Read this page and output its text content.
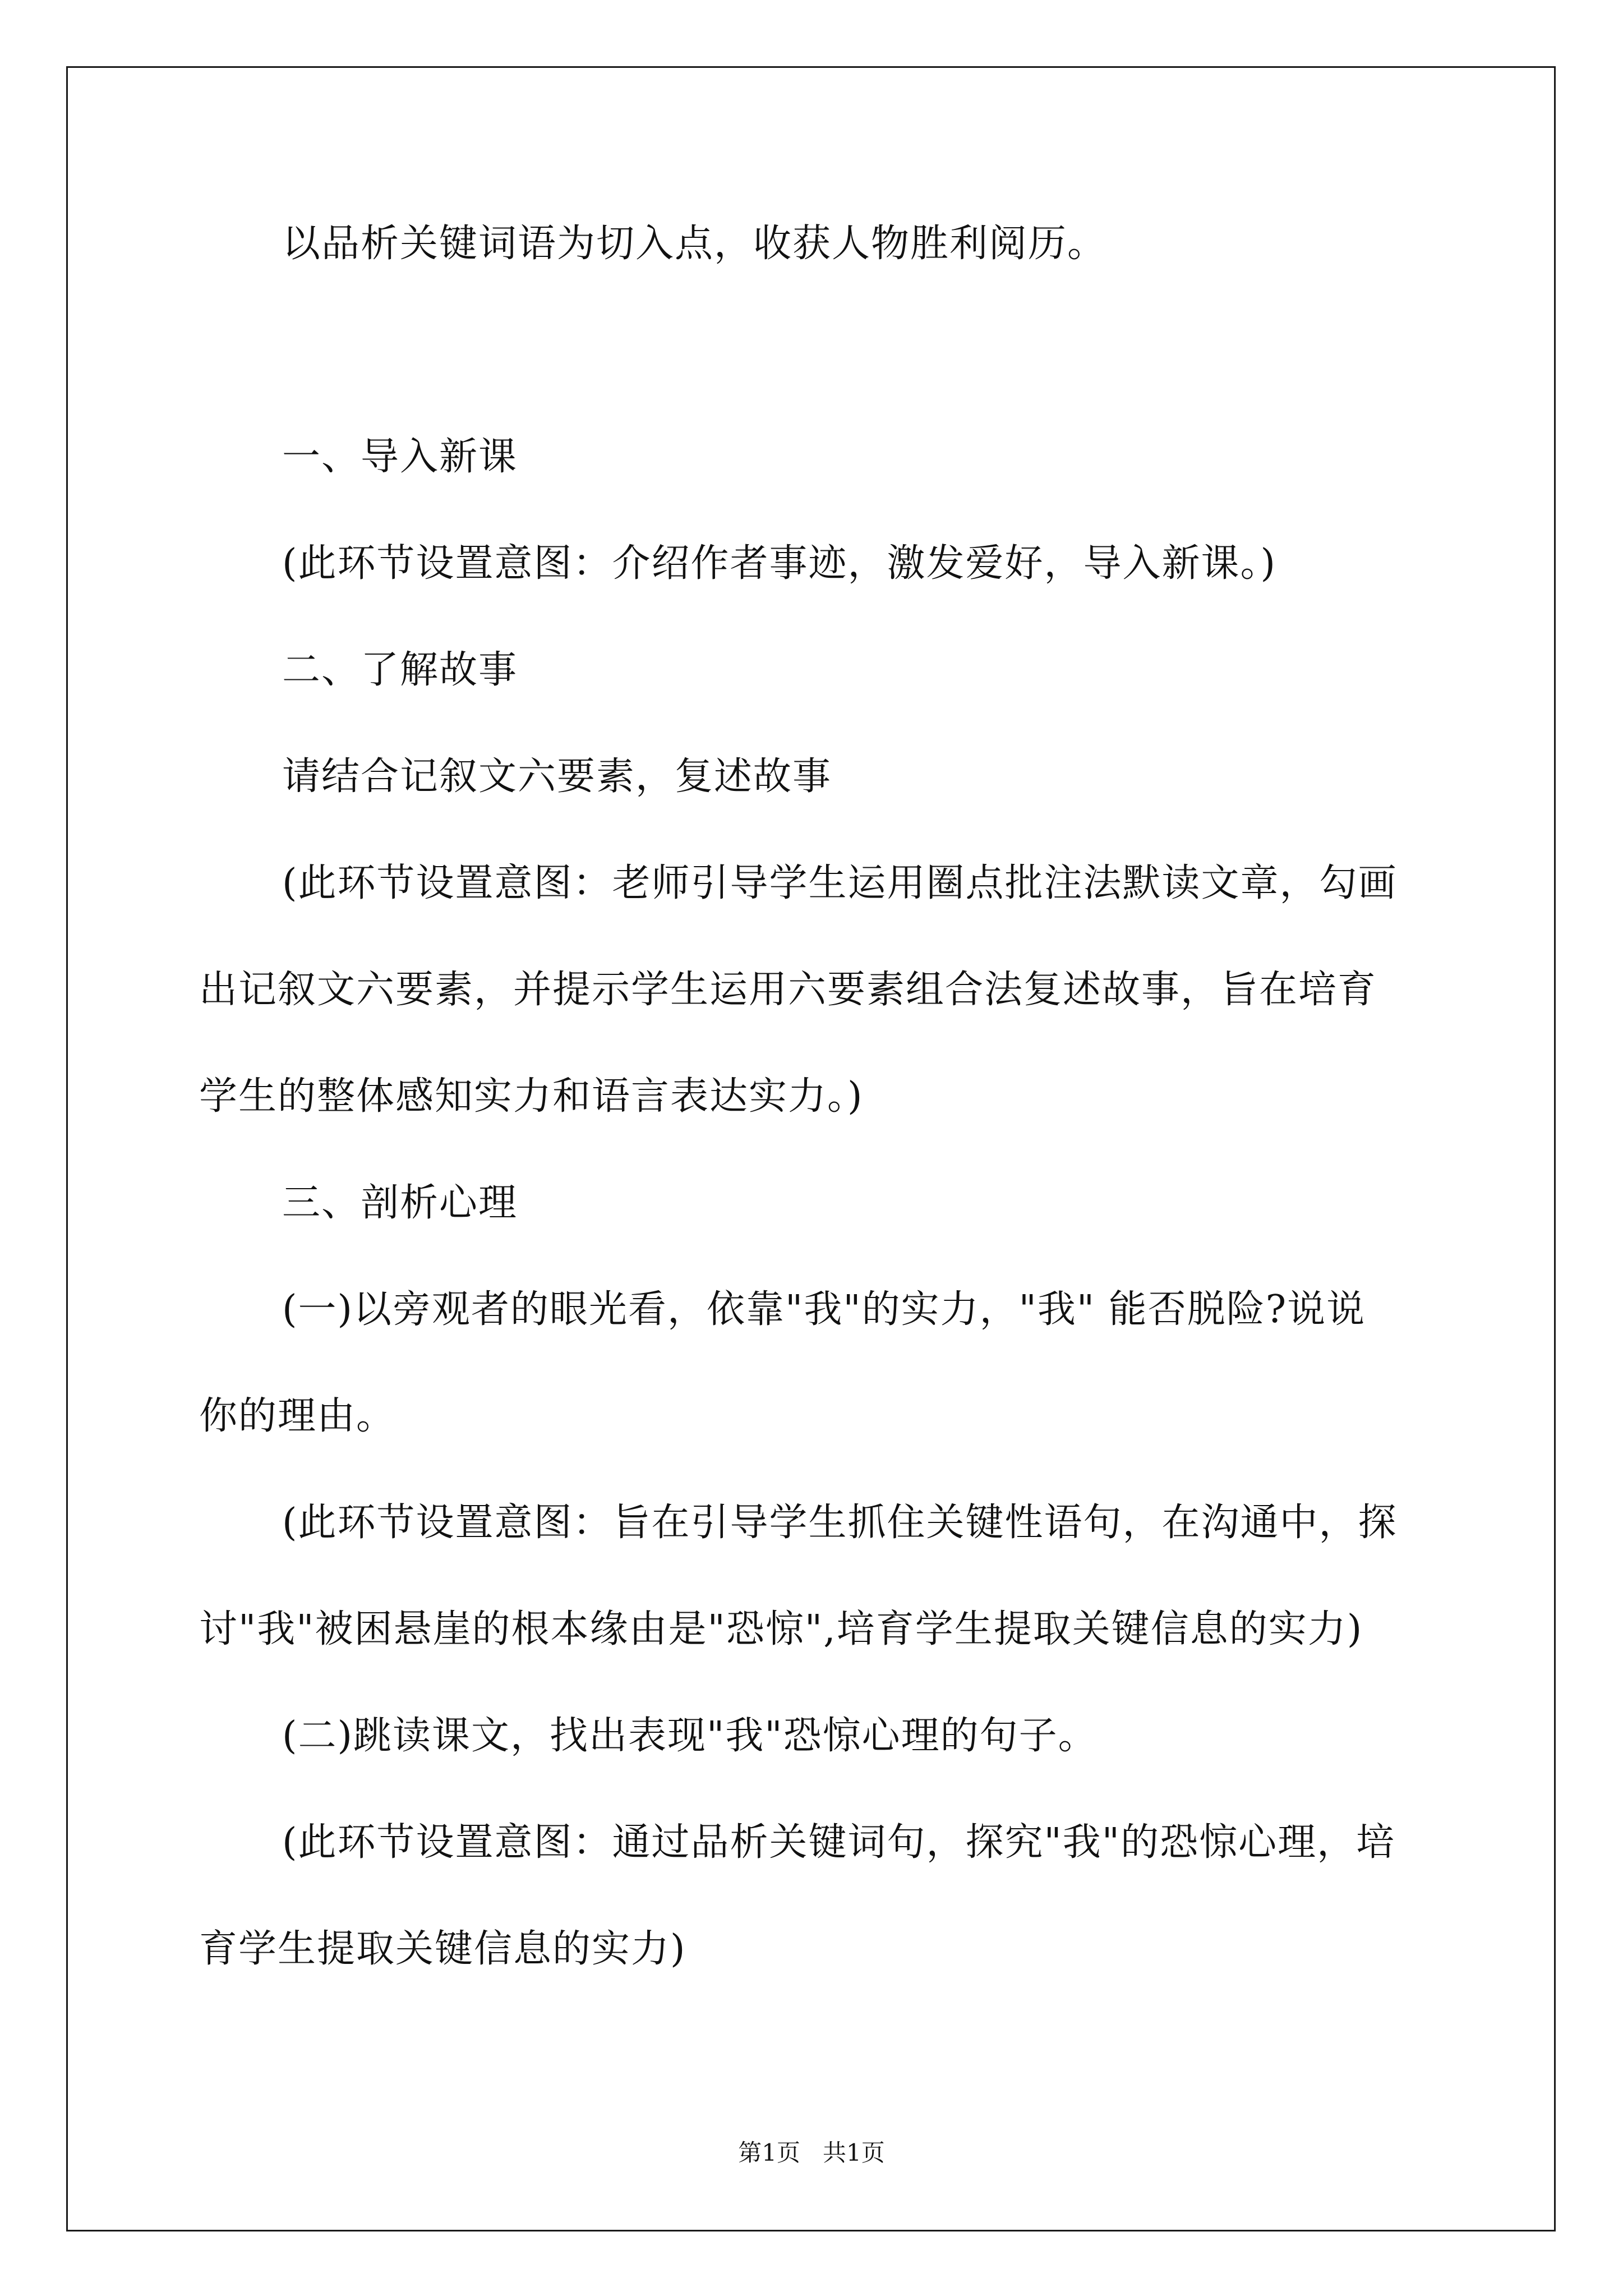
以品析关键词语为切入点，收获人物胜利阅历。

一、导入新课

(此环节设置意图：介绍作者事迹，激发爱好，导入新课。)

二、了解故事

请结合记叙文六要素，复述故事

(此环节设置意图：老师引导学生运用圈点批注法默读文章，勾画

出记叙文六要素，并提示学生运用六要素组合法复述故事，旨在培育

学生的整体感知实力和语言表达实力。)

三、剖析心理

(一)以旁观者的眼光看，依靠"我"的实力，"我" 能否脱险?说说

你的理由。

(此环节设置意图：旨在引导学生抓住关键性语句，在沟通中，探

讨"我"被困悬崖的根本缘由是"恐惊",培育学生提取关键信息的实力)

(二)跳读课文，找出表现"我"恐惊心理的句子。

(此环节设置意图：通过品析关键词句，探究"我"的恐惊心理，培

育学生提取关键信息的实力)

第1页   共1页
